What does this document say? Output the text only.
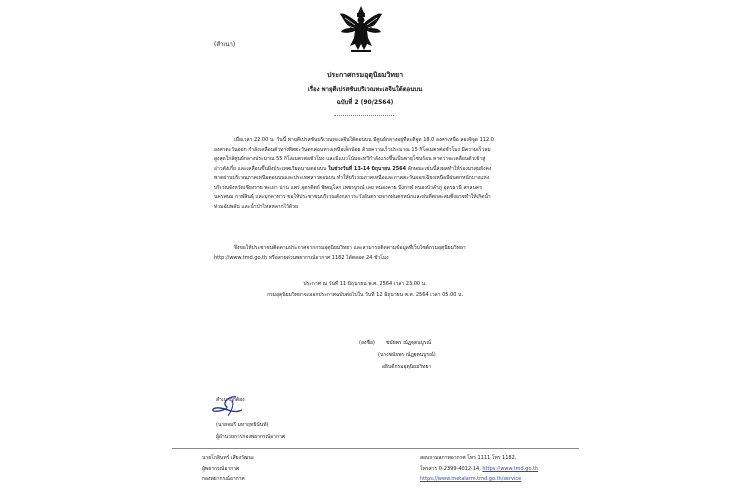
(สำเนา)
ประกาศกรมอุตุนิยมวิทยา
เรื่อง พายุดีเปรสชันบริเวณทะเลจีนใต้ตอนบน
ฉบับที่ 2 (90/2564)

เมื่อเวลา 22.00 น. วันนี้ พายุดีเปรสชันบริเวณทะเลจีนใต้ตอนบน มีศูนย์กลางอยู่ที่ละติจูด 18.0 องศาเหนือ ลองจิจูด 112.0

องศาตะวันออก กำลังเคลื่อนตัวทางทิศตะวันตกค่อนทางเหนือเล็กน้อย ด้วยความเร็วประมาณ 15 กิโลเมตรต่อชั่วโมง มีความเร็วลม

สูงสุดใกล้ศูนย์กลางประมาณ 55 กิโลเมตรต่อชั่วโมง และมีแนวโน้มจะทวีกำลังแรงขึ้นเป็นพายุโซนร้อน คาดว่าจะเคลื่อนตัวเข้าสู่

อ่าวตังเกี๋ย และเคลื่อนขึ้นฝั่งประเทศเวียดนามตอนบน ในช่วงวันที่ 13-14 มิถุนายน 2564 ลักษณะเช่นนี้ส่งผลทำให้ร่องมรสุมยังคง

พาดผ่านบริเวณภาคเหนือตอนบนและประเทศลาวตอนบน ทำให้บริเวณภาคเหนือและภาคตะวันออกเฉียงเหนือมีฝนตกหนักบางแห่ง

บริเวณจังหวัดเชียงราย พะเยา น่าน แพร่ อุตรดิตถ์ พิษณุโลก เพชรบูรณ์ เลย หนองคาย บึงกาฬ หนองบัวลำภู อุดรธานี สกลนคร

นครพนม กาฬสินธุ์ และมุกดาหาร ขอให้ประชาชนบริเวณดังกล่าวระวังอันตรายจากฝนตกหนักและฝนที่ตกสะสมซึ่งอาจทำให้เกิดน้ำ

ท่วมฉับพลัน และน้ำป่าไหลหลากไว้ด้วย

จึงขอให้ประชาชนติดตามประกาศจากกรมอุตุนิยมวิทยา และสามารถติดตามข้อมูลที่เว็บไซต์กรมอุตุนิยมวิทยา

http://www.tmd.go.th หรือสายด่วนพยากรณ์อากาศ 1182 ได้ตลอด 24 ชั่วโมง

ประกาศ ณ วันที่ 11 มิถุนายน พ.ศ. 2564 เวลา 23.00 น.
กรมอุตุนิยมวิทยาจะออกประกาศฉบับต่อไปใน วันที่ 12 มิถุนายน พ.ศ. 2564 เวลา 05.00 น.
(ลงชื่อ) ชมัยพร ณ์ฏฐุตนบูรณ์
(นางชมัยพร ณ์ฏฐุตนบูรณ์)
อธิบดีกรมอุตุนิยมวิทยา
สำเนาถูกต้อง
(นายจมรี มหาฤทธินันท์)
ผู้อำนวยการกองพยากรณ์อากาศ
นายโกสินทร์ เสียงวัฒนะ
ผู้พยากรณ์อากาศ
กองพยากรณ์อากาศ
สอบถามสภาพอากาศ โทร 1111 โทร 1182,
โทรสาร 0-2399-4012-14, https://www.tmd.go.th
https://www.metalarm.tmd.go.th/service
